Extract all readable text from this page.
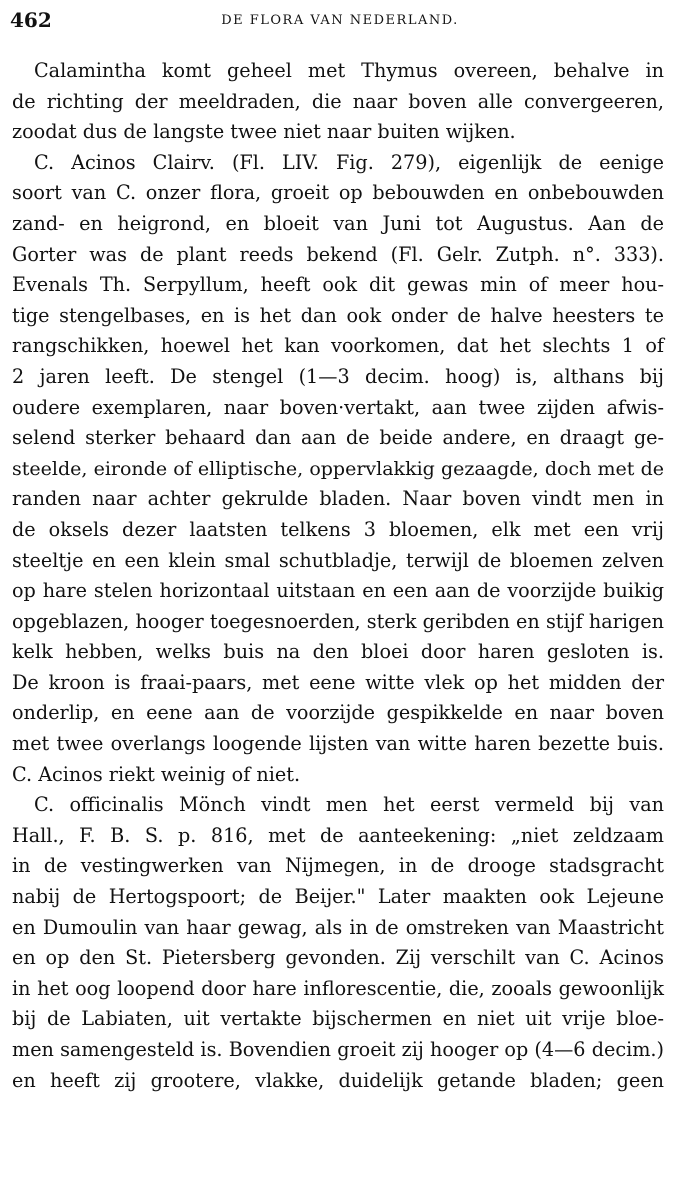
462	DE FLORA VAN NEDERLAND.
Calamintha komt geheel met Thymus overeen, behalve in
de richting der meeldraden, die naar boven alle convergeeren,
zoodat dus de langste twee niet naar buiten wijken.
C. Acinos Clairv. (Fl. LIV. Fig. 279), eigenlijk de eenige
soort van C. onzer flora, groeit op bebouwden en onbebouwden
zand- en heigrond, en bloeit van Juni tot Augustus. Aan de
Gorter was de plant reeds bekend (Fl. Gelr. Zutph. n°. 333).
Evenals Th. Serpyllum, heeft ook dit gewas min of meer hou-
tige stengelbases, en is het dan ook onder de halve heesters te
rangschikken, hoewel het kan voorkomen, dat het slechts 1 of
2 jaren leeft. De stengel (1—3 decim. hoog) is, althans bij
oudere exemplaren, naar boven·vertakt, aan twee zijden afwis-
selend sterker behaard dan aan de beide andere, en draagt ge-
steelde, eironde of elliptische, oppervlakkig gezaagde, doch met de
randen naar achter gekrulde bladen. Naar boven vindt men in
de oksels dezer laatsten telkens 3 bloemen, elk met een vrij
steeltje en een klein smal schutbladje, terwijl de bloemen zelven
op hare stelen horizontaal uitstaan en een aan de voorzijde buikig
opgeblazen, hooger toegesnoerden, sterk geribden en stijf harigen
kelk hebben, welks buis na den bloei door haren gesloten is.
De kroon is fraai-paars, met eene witte vlek op het midden der
onderlip, en eene aan de voorzijde gespikkelde en naar boven
met twee overlangs loogende lijsten van witte haren bezette buis.
C. Acinos riekt weinig of niet.
C. officinalis Mönch vindt men het eerst vermeld bij van
Hall., F. B. S. p. 816, met de aanteekening: „niet zeldzaam
in de vestingwerken van Nijmegen, in de drooge stadsgracht
nabij de Hertogspoort; de Beijer." Later maakten ook Lejeune
en Dumoulin van haar gewag, als in de omstreken van Maastricht
en op den St. Pietersberg gevonden. Zij verschilt van C. Acinos
in het oog loopend door hare inflorescentie, die, zooals gewoonlijk
bij de Labiaten, uit vertakte bijschermen en niet uit vrije bloe-
men samengesteld is. Bovendien groeit zij hooger op (4—6 decim.)
en heeft zij grootere, vlakke, duidelijk getande bladen; geen
